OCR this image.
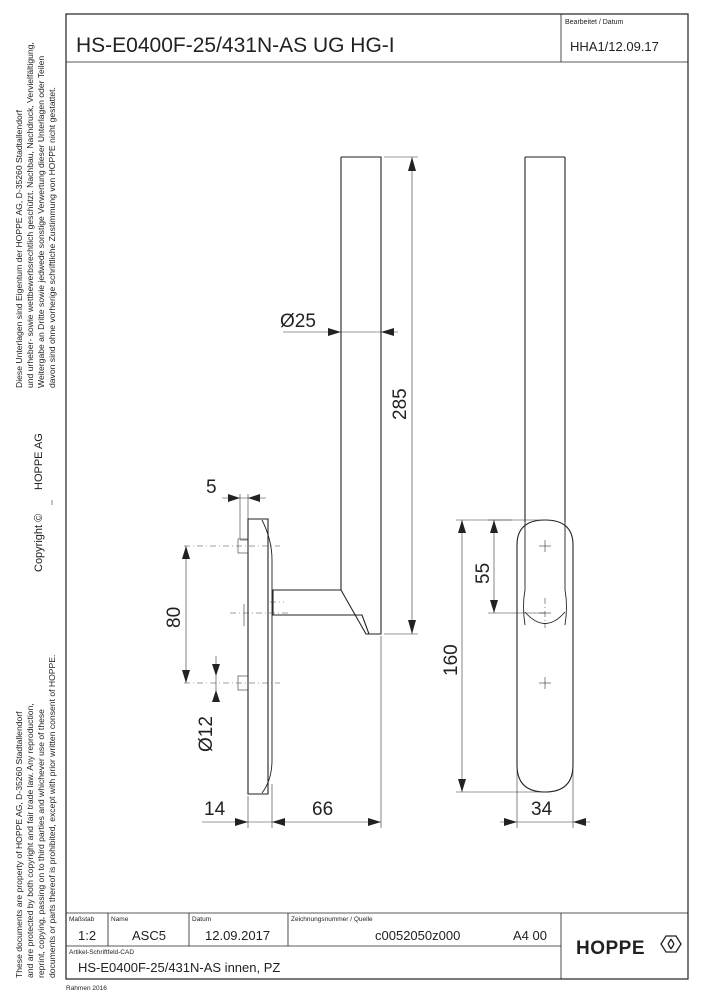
HS-E0400F-25/431N-AS UG HG-I
Bearbeitet / Datum
HHA1/12.09.17
Diese Unterlagen sind Eigentum der HOPPE AG, D-35260 Stadtallendorf und urheber- sowie wettbewerbsrechtlich geschützt. Nachbau, Nachdruck, Vervielfältigung, Weitergabe an Dritte sowie jedwede sonstige Verwertung dieser Unterlagen oder Teilen davon sind ohne vorherige schriftliche Zustimmung von HOPPE nicht gestattet.
HOPPE AG
Copyright ©
These documents are property of HOPPE AG, D-35260 Stadtallendorf and are protected by both copyright and fair trade law. Any reproduction, reprint, copying, passing on to third parties and whichever use of these documents or parts thereof is prohibited, except with prior written consent of HOPPE.
Ø25
285
5
80
Ø12
14	66
55
160
34
Maßstab
1:2
Name
ASC5
Datum
12.09.2017
Zeichnungsnummer / Quelle
c0052050z000	A4 00
Artikel-Schriftfeld-CAD
HS-E0400F-25/431N-AS innen, PZ
HOPPE
Rahmen 2016
